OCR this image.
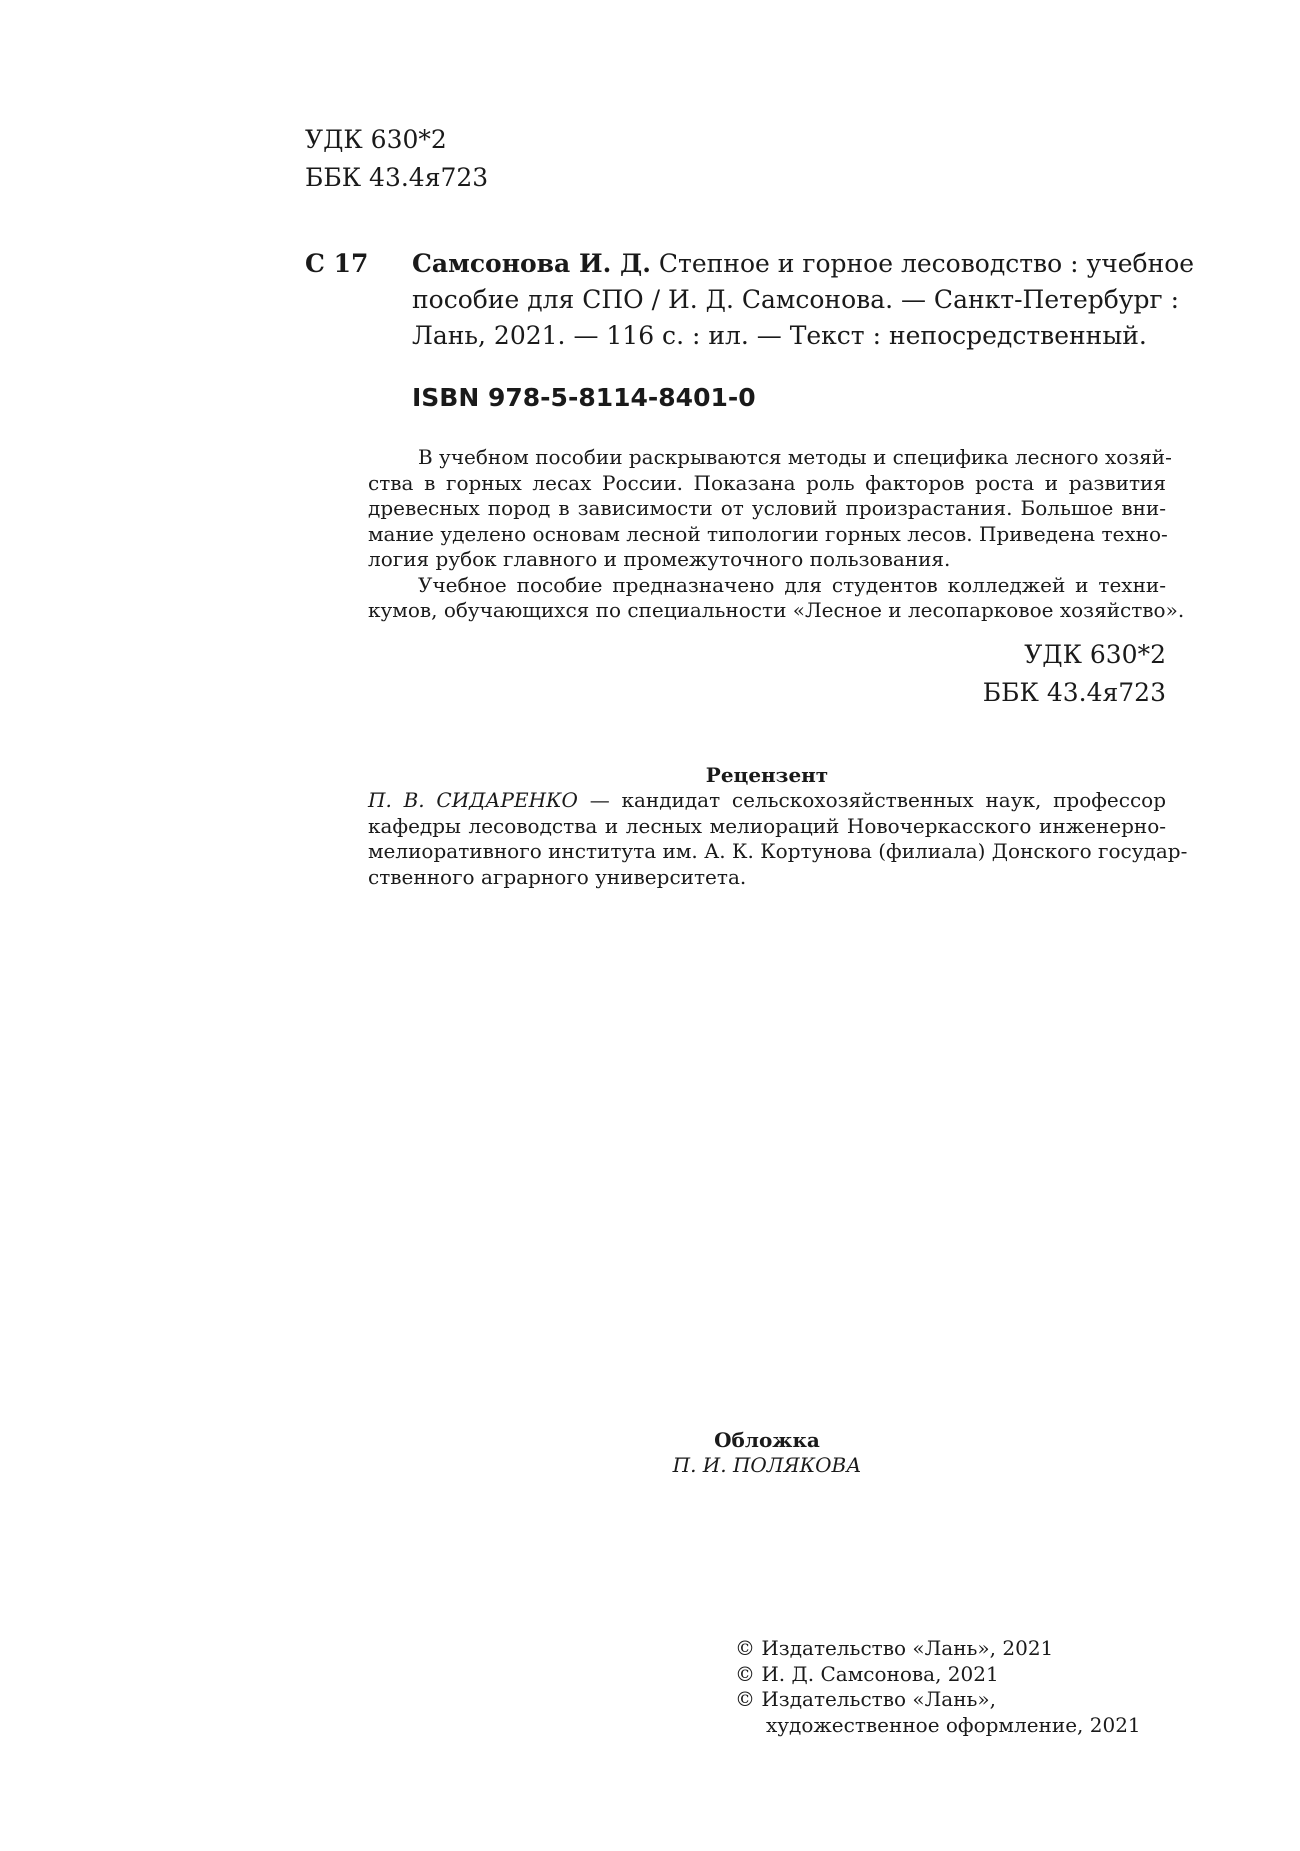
УДК 630*2
ББК 43.4я723
С 17 Самсонова И. Д. Степное и горное лесоводство : учебное
пособие для СПО / И. Д. Самсонова. — Санкт-Петербург :
Лань, 2021. — 116 с. : ил. — Текст : непосредственный.
ISBN 978-5-8114-8401-0
В учебном пособии раскрываются методы и специфика лесного хозяй-
ства в горных лесах России. Показана роль факторов роста и развития
древесных пород в зависимости от условий произрастания. Большое вни-
мание уделено основам лесной типологии горных лесов. Приведена техно-
логия рубок главного и промежуточного пользования.
Учебное пособие предназначено для студентов колледжей и техни-
кумов, обучающихся по специальности «Лесное и лесопарковое хозяйство».
УДК 630*2
ББК 43.4я723
Рецензент
П. В. СИДАРЕНКО — кандидат сельскохозяйственных наук, профессор
кафедры лесоводства и лесных мелиораций Новочеркасского инженерно-
мелиоративного института им. А. К. Кортунова (филиала) Донского государ-
ственного аграрного университета.
Обложка
П. И. ПОЛЯКОВА
© Издательство «Лань», 2021
© И. Д. Самсонова, 2021
© Издательство «Лань»,
художественное оформление, 2021
